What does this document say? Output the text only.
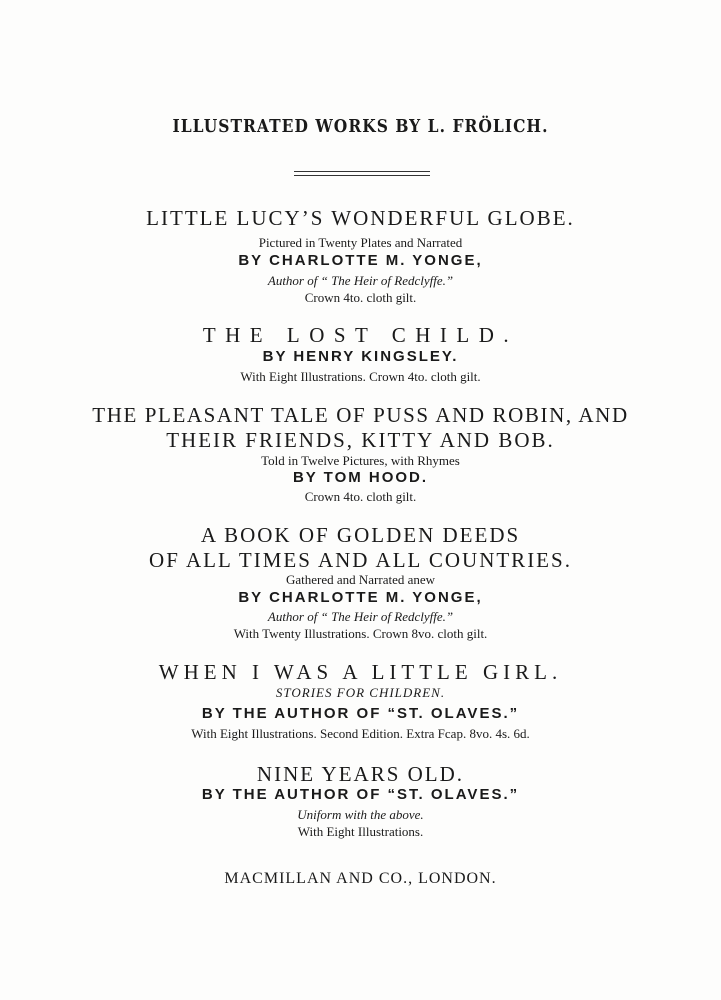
ILLUSTRATED WORKS BY L. FRÖLICH.
LITTLE LUCY’S WONDERFUL GLOBE.
Pictured in Twenty Plates and Narrated
BY CHARLOTTE M. YONGE,
Author of “ The Heir of Redclyffe.”
Crown 4to. cloth gilt.
THE LOST CHILD.
BY HENRY KINGSLEY.
With Eight Illustrations. Crown 4to. cloth gilt.
THE PLEASANT TALE OF PUSS AND ROBIN, AND
THEIR FRIENDS, KITTY AND BOB.
Told in Twelve Pictures, with Rhymes
BY TOM HOOD.
Crown 4to. cloth gilt.
A BOOK OF GOLDEN DEEDS
OF ALL TIMES AND ALL COUNTRIES.
Gathered and Narrated anew
BY CHARLOTTE M. YONGE,
Author of “ The Heir of Redclyffe.”
With Twenty Illustrations. Crown 8vo. cloth gilt.
WHEN I WAS A LITTLE GIRL.
STORIES FOR CHILDREN.
BY THE AUTHOR OF “ST. OLAVES.”
With Eight Illustrations. Second Edition. Extra Fcap. 8vo. 4s. 6d.
NINE YEARS OLD.
BY THE AUTHOR OF “ST. OLAVES.”
Uniform with the above.
With Eight Illustrations.
MACMILLAN AND CO., LONDON.
